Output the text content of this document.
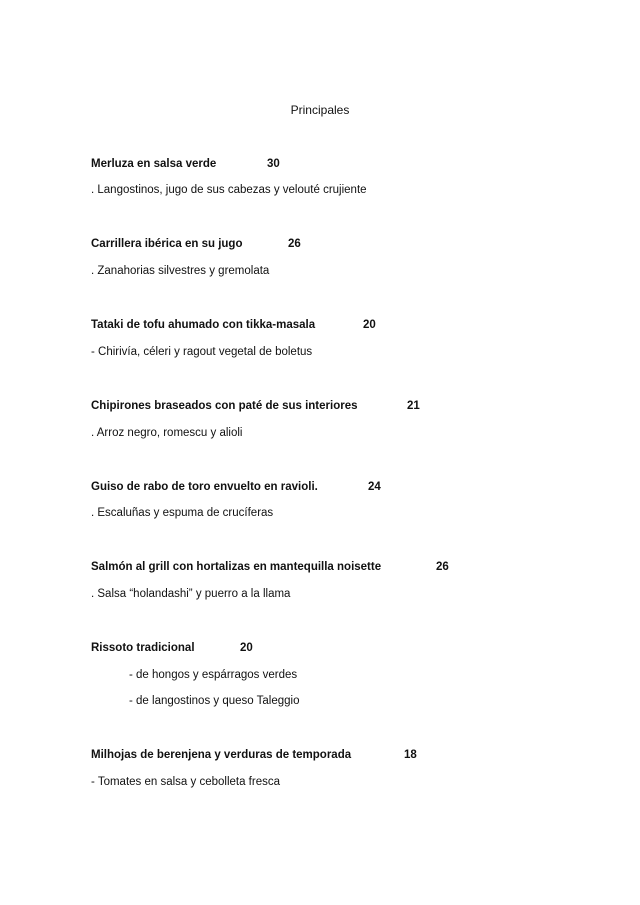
Principales
Merluza en salsa verde	30
. Langostinos, jugo de sus cabezas y velouté crujiente
Carrillera ibérica en su jugo	26
. Zanahorias silvestres y gremolata
Tataki de tofu ahumado con tikka-masala	20
- Chirivía, céleri y ragout vegetal de boletus
Chipirones braseados con paté de sus interiores	21
. Arroz negro, romescu y alioli
Guiso de rabo de toro envuelto en ravioli.	24
. Escaluñas y espuma de crucíferas
Salmón al grill con hortalizas en mantequilla noisette	26
. Salsa “holandashi” y puerro a la llama
Rissoto tradicional	20
- de hongos y espárragos verdes
- de langostinos y queso Taleggio
Milhojas de berenjena y verduras de temporada	18
- Tomates en salsa y cebolleta fresca
